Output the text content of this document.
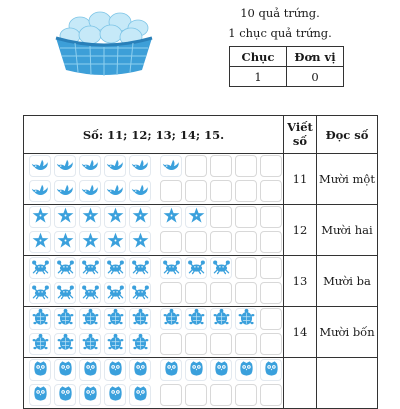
10 quả trứng.
1 chục quả trứng.
Chục	Đơn vị
1	0
Số: 11; 12; 13; 14; 15.	Viết
số	Đọc số

	11	Mười một

	12	Mười hai

	13	Mười ba

	14	Mười bốn
